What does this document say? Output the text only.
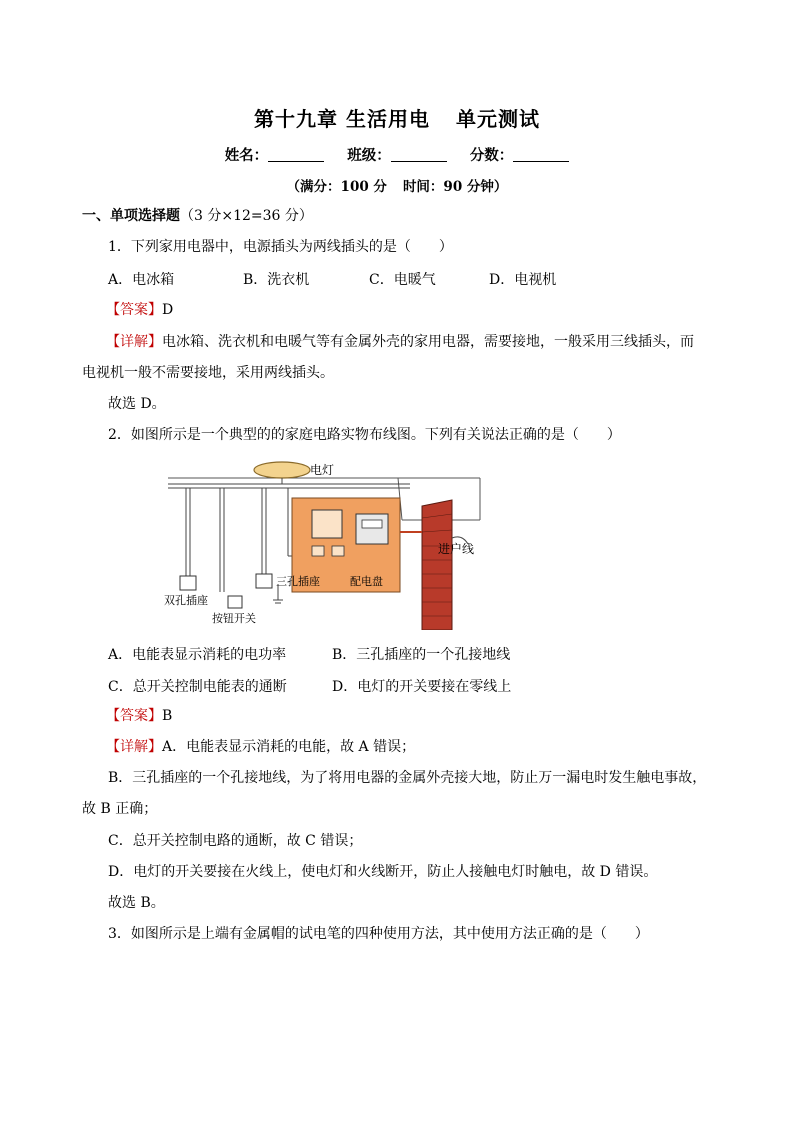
第十九章 生活用电 单元测试
姓名：	班级：	分数：
（满分：100 分 时间：90 分钟）
一、单项选择题（3 分×12=36 分）
1．下列家用电器中，电源插头为两线插头的是（　　）
A．电冰箱	B．洗衣机	C．电暖气	D．电视机
【答案】D
【详解】电冰箱、洗衣机和电暖气等有金属外壳的家用电器，需要接地，一般采用三线插头，而
电视机一般不需要接地，采用两线插头。
故选 D。
2．如图所示是一个典型的的家庭电路实物布线图。下列有关说法正确的是（　　）
电灯
进户线
双孔插座
按钮开关
三孔插座	配电盘
A．电能表显示消耗的电功率	B．三孔插座的一个孔接地线
C．总开关控制电能表的通断	D．电灯的开关要接在零线上
【答案】B
【详解】A．电能表显示消耗的电能，故 A 错误；
B．三孔插座的一个孔接地线，为了将用电器的金属外壳接大地，防止万一漏电时发生触电事故，
故 B 正确；
C．总开关控制电路的通断，故 C 错误；
D．电灯的开关要接在火线上，使电灯和火线断开，防止人接触电灯时触电，故 D 错误。
故选 B。
3．如图所示是上端有金属帽的试电笔的四种使用方法，其中使用方法正确的是（　　）
